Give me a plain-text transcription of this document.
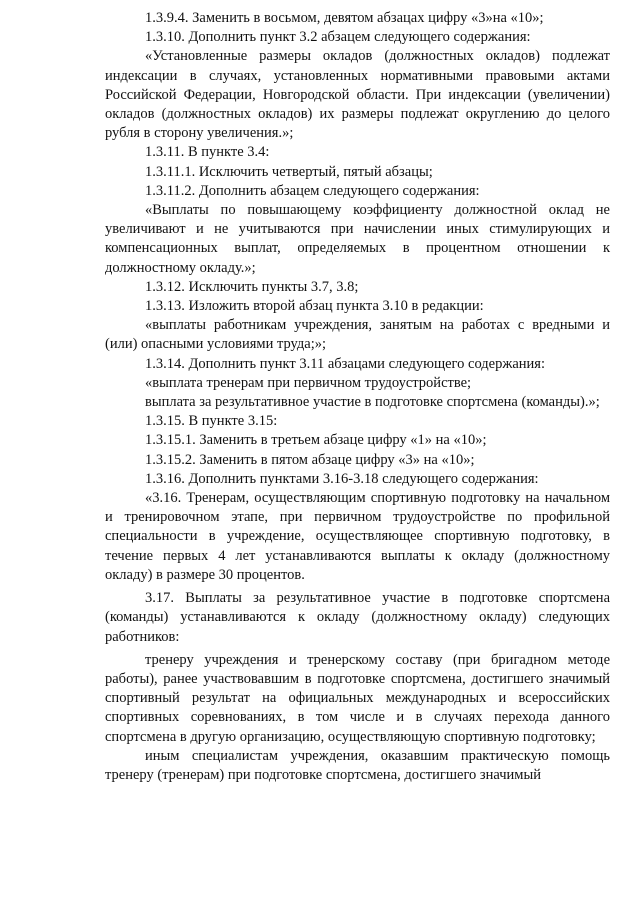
1.3.9.4. Заменить в восьмом, девятом абзацах цифру «3»на «10»;

1.3.10. Дополнить пункт 3.2 абзацем следующего содержания:

«Установленные размеры окладов (должностных окладов) подлежат индексации в случаях, установленных нормативными правовыми актами Российской Федерации, Новгородской области. При индексации (увеличении) окладов (должностных окладов) их размеры подлежат округлению до целого рубля в сторону увеличения.»;

1.3.11. В пункте 3.4:

1.3.11.1. Исключить четвертый, пятый абзацы;

1.3.11.2. Дополнить абзацем следующего содержания:

«Выплаты по повышающему коэффициенту должностной оклад не увеличивают и не учитываются при начислении иных стимулирующих и компенсационных выплат, определяемых в процентном отношении к должностному окладу.»;

1.3.12. Исключить пункты 3.7, 3.8;

1.3.13. Изложить второй абзац пункта 3.10 в редакции:

«выплаты работникам учреждения, занятым на работах с вредными и (или) опасными условиями труда;»;

1.3.14. Дополнить пункт 3.11 абзацами следующего содержания:

«выплата тренерам при первичном трудоустройстве;

выплата за результативное участие в подготовке спортсмена (команды).»;

1.3.15. В пункте 3.15:

1.3.15.1. Заменить в третьем абзаце цифру «1» на «10»;

1.3.15.2. Заменить в пятом абзаце цифру «3» на «10»;

1.3.16. Дополнить пунктами 3.16-3.18 следующего содержания:

«3.16. Тренерам, осуществляющим спортивную подготовку на начальном и тренировочном этапе, при первичном трудоустройстве по профильной специальности в учреждение, осуществляющее спортивную подготовку, в течение первых 4 лет устанавливаются выплаты к окладу (должностному окладу) в размере 30 процентов.

3.17. Выплаты за результативное участие в подготовке спортсмена (команды) устанавливаются к окладу (должностному окладу) следующих работников:

тренеру учреждения и тренерскому составу (при бригадном методе работы), ранее участвовавшим в подготовке спортсмена, достигшего значимый спортивный результат на официальных международных и всероссийских спортивных соревнованиях, в том числе и в случаях перехода данного спортсмена в другую организацию, осуществляющую спортивную подготовку;

иным специалистам учреждения, оказавшим практическую помощь тренеру (тренерам) при подготовке спортсмена, достигшего значимый
